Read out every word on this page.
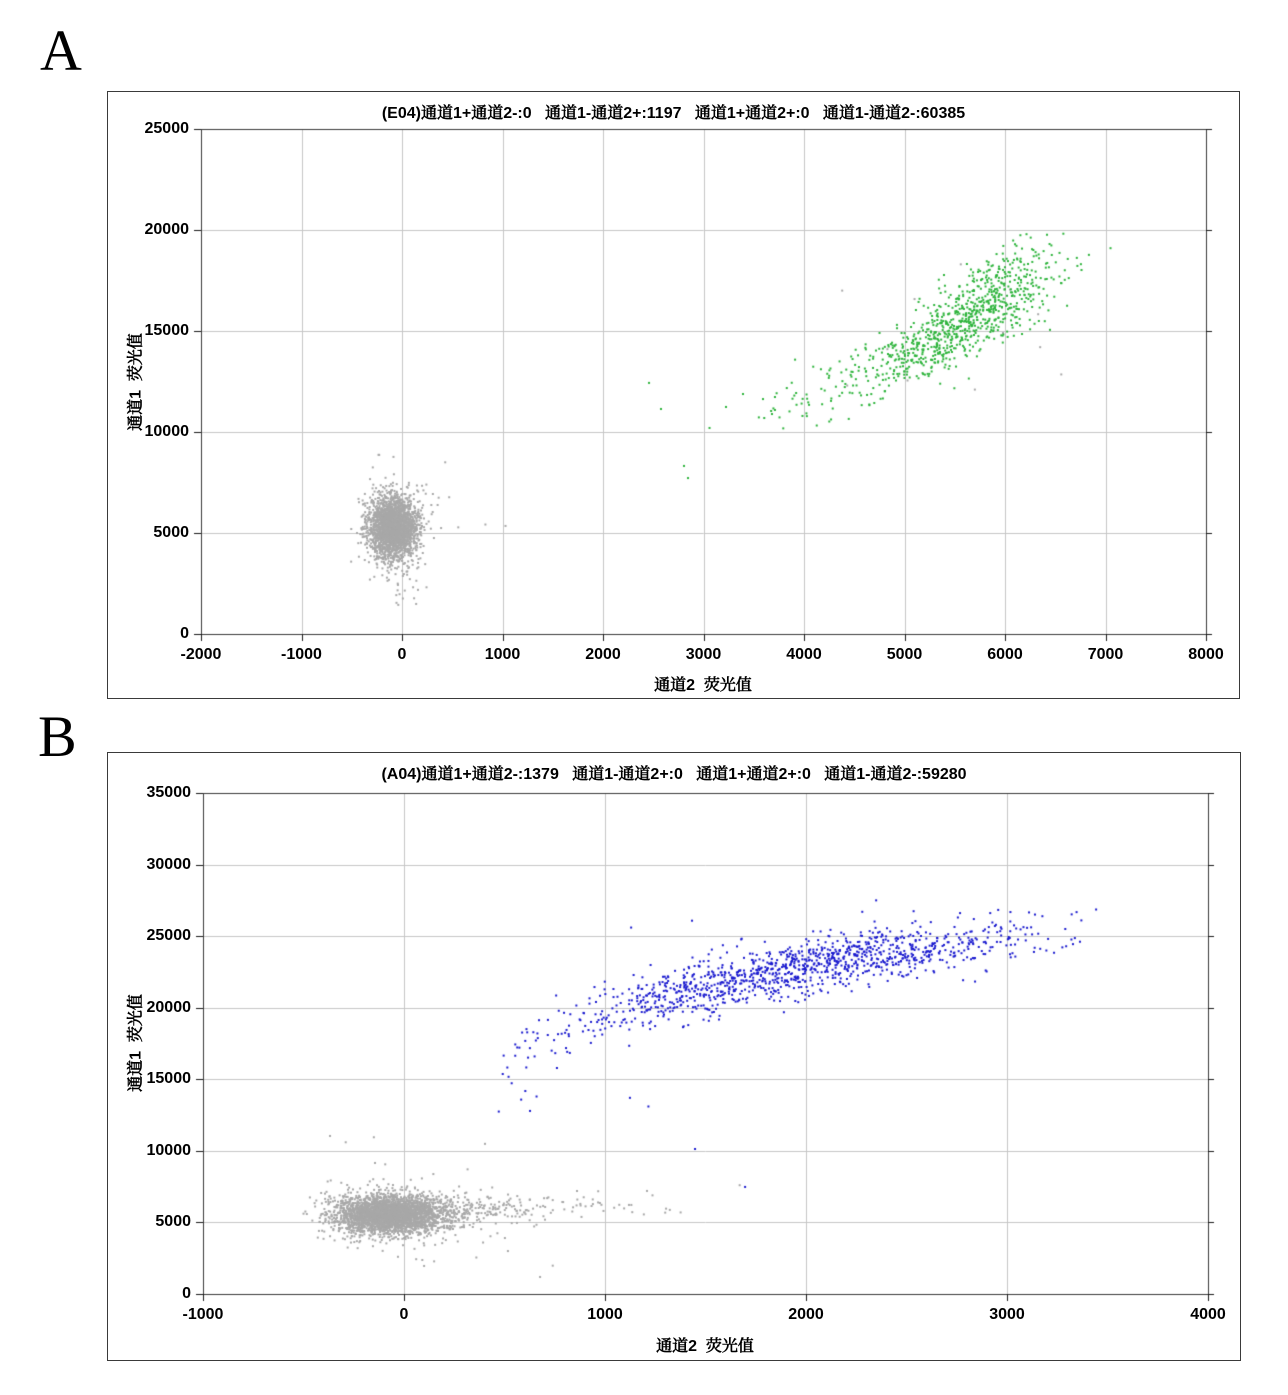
A
(E04)通道1+通道2-:0   通道1-通道2+:1197   通道1+通道2+:0   通道1-通道2-:60385
通道1  荧光值
通道2  荧光值
-2000	-1000	0	1000	2000	3000	4000	5000	6000	7000	8000
0
5000
10000
15000
20000
25000
B
(A04)通道1+通道2-:1379   通道1-通道2+:0   通道1+通道2+:0   通道1-通道2-:59280
通道1  荧光值
通道2  荧光值
-1000	0	1000	2000	3000	4000
0
5000
10000
15000
20000
25000
30000
35000
